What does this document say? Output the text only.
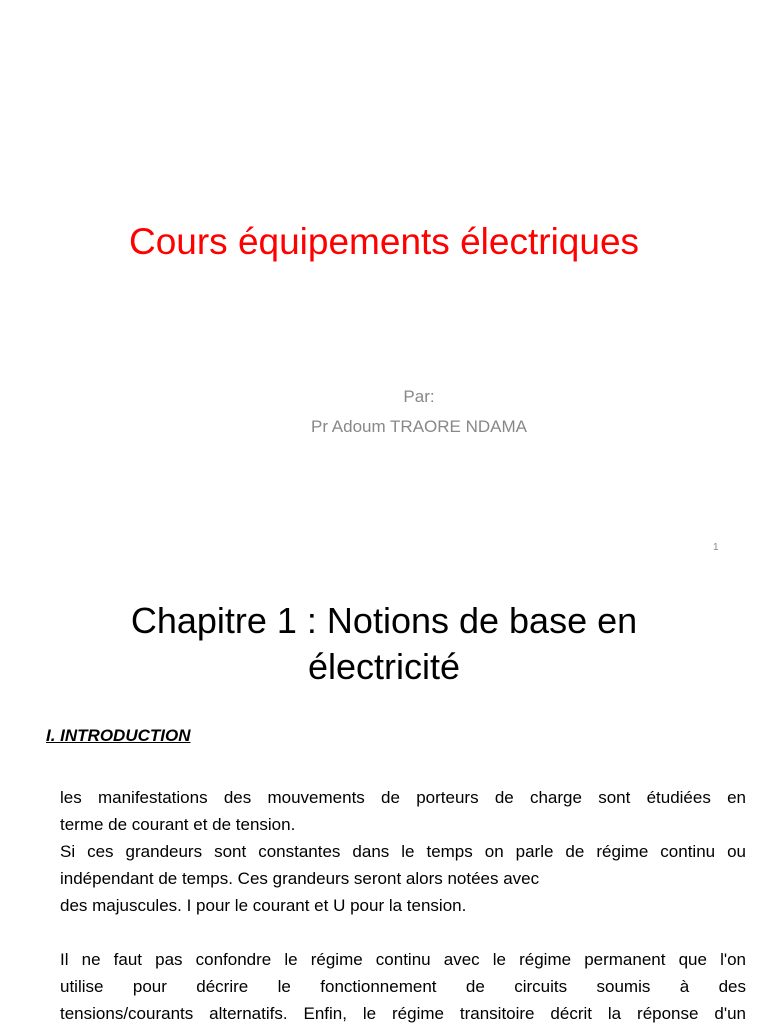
Cours équipements électriques
Par:
Pr Adoum TRAORE NDAMA
1
Chapitre 1 : Notions de base en
électricité
I. INTRODUCTION

les manifestations des mouvements de porteurs de charge sont étudiées en
terme de courant et de tension.
Si ces grandeurs sont constantes dans le temps on parle de régime continu ou
indépendant de temps. Ces grandeurs seront alors notées avec
des majuscules. I pour le courant et U pour la tension.

Il ne faut pas confondre le régime continu avec le régime permanent que l'on
utilise pour décrire le fonctionnement de circuits soumis à des
tensions/courants alternatifs. Enfin, le régime transitoire décrit la réponse d'un
